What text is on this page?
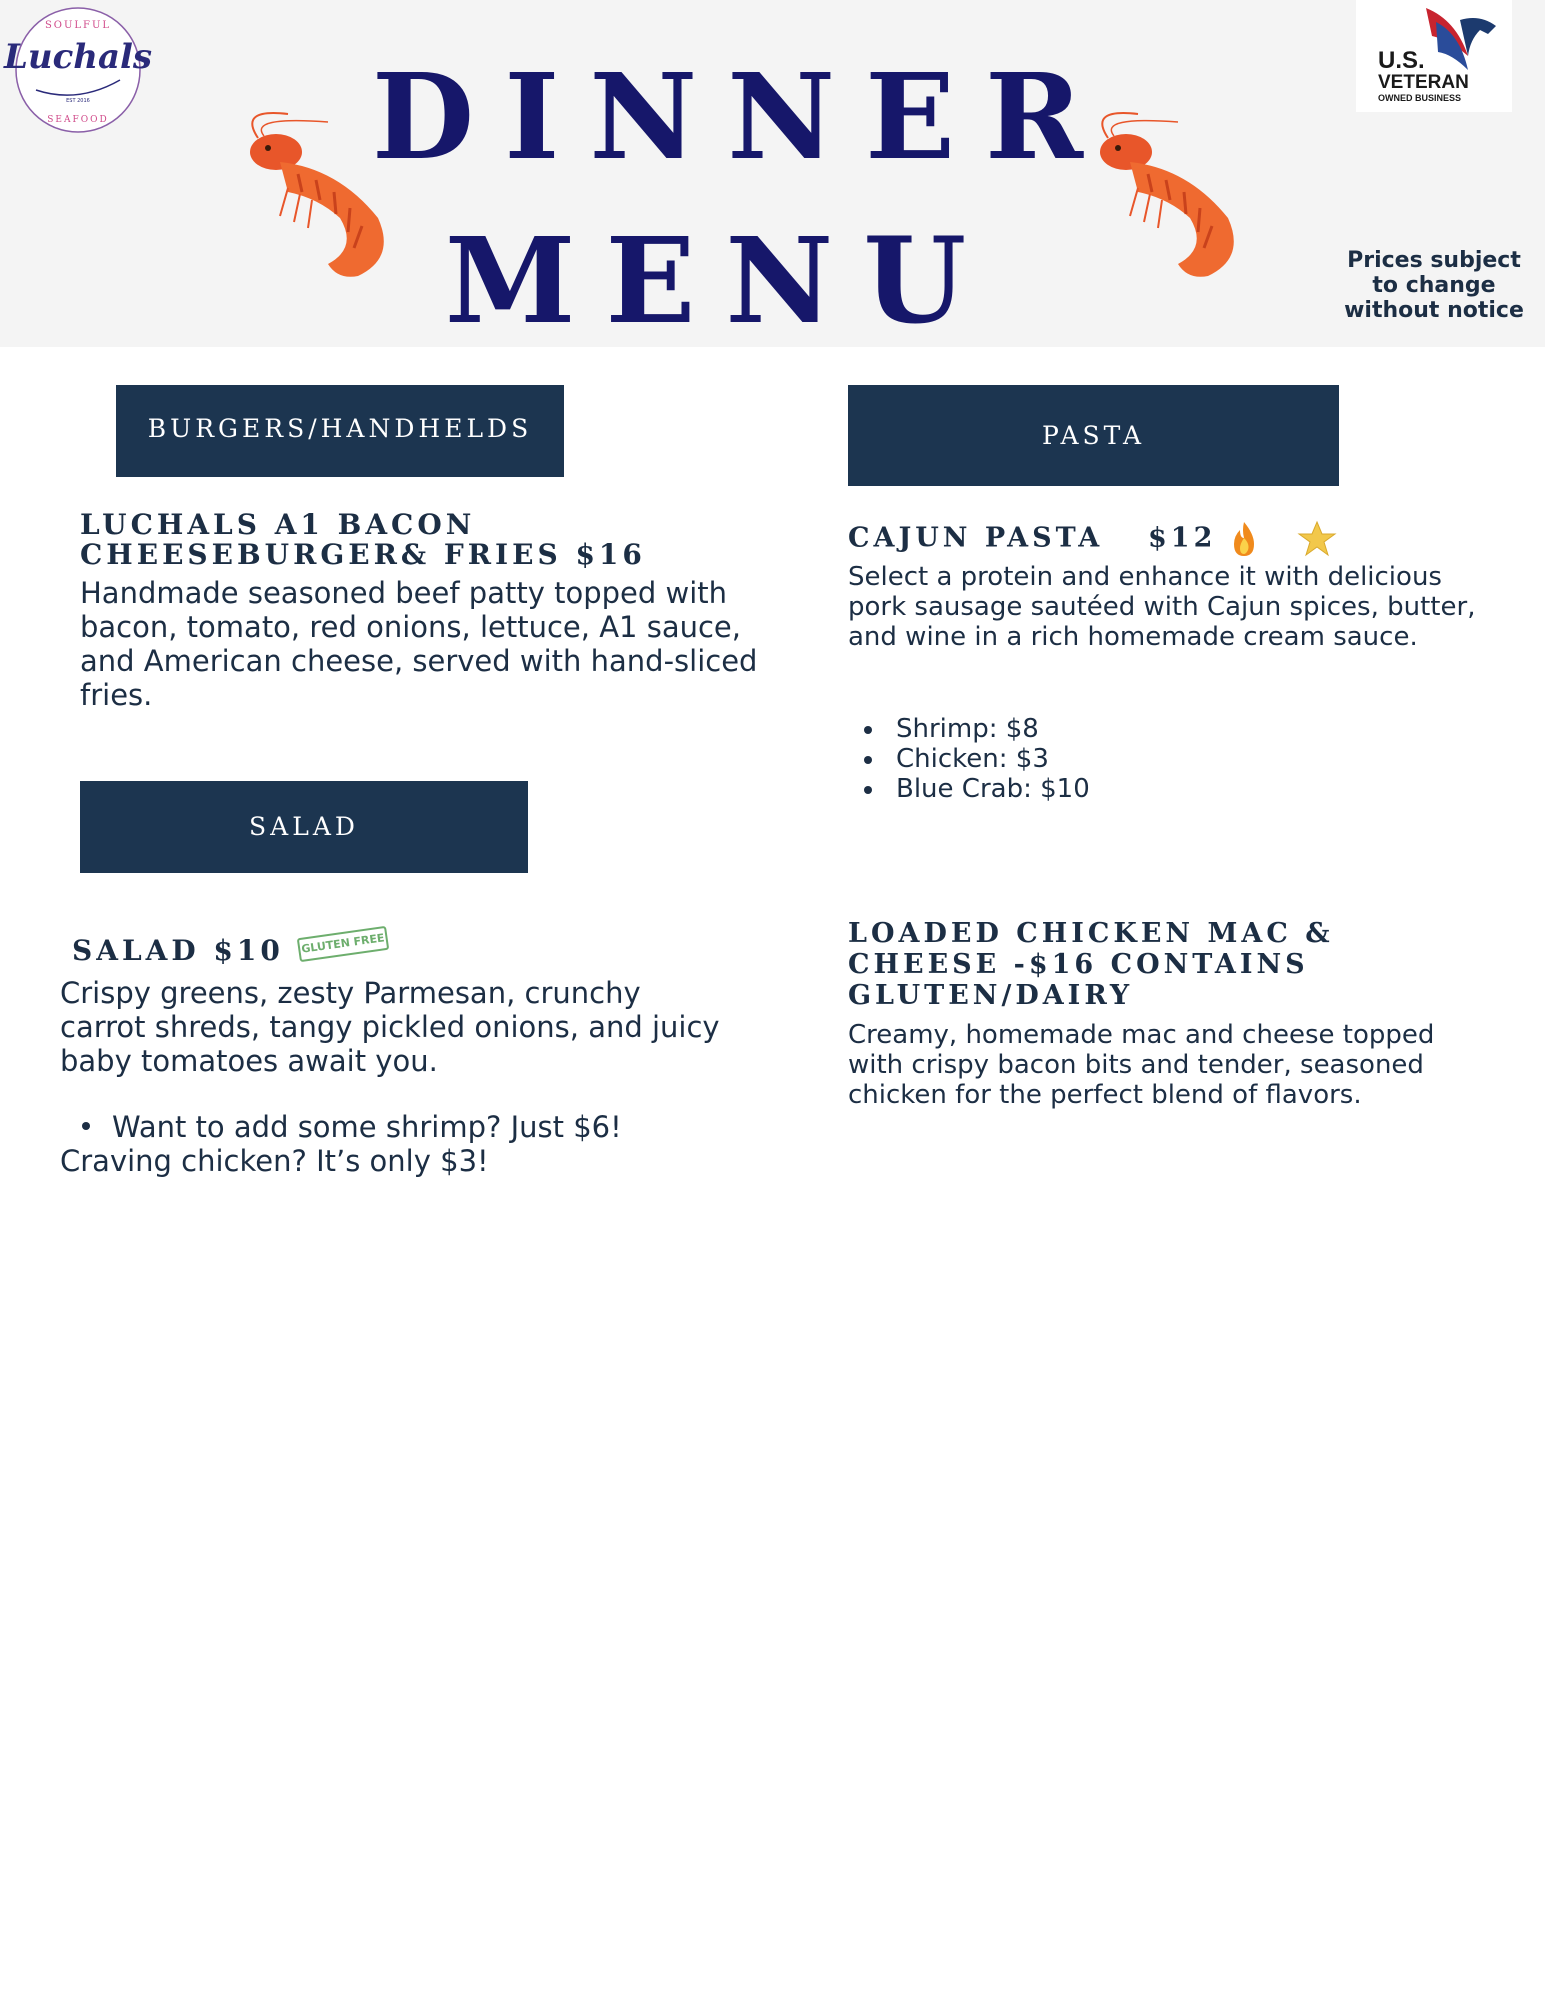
SOULFUL
Luchals
EST 2016
SEAFOOD
U.S.
VETERAN
OWNED BUSINESS
DINNER
MENU	Prices subject to change without notice
BURGERS/HANDHELDS
LUCHALS A1 BACON CHEESEBURGER& FRIES $16
Handmade seasoned beef patty topped with bacon, tomato, red onions, lettuce, A1 sauce, and American cheese, served with hand-sliced fries.
PASTA
CAJUN PASTA $12
Select a protein and enhance it with delicious pork sausage sautéed with Cajun spices, butter, and wine in a rich homemade cream sauce.
Shrimp: $8
Chicken: $3
Blue Crab: $10
LOADED CHICKEN MAC & CHEESE -$16 CONTAINS GLUTEN/DAIRY
Creamy, homemade mac and cheese topped with crispy bacon bits and tender, seasoned chicken for the perfect blend of flavors.
SALAD
SALAD $10	GLUTEN FREE
Crispy greens, zesty Parmesan, crunchy carrot shreds, tangy pickled onions, and juicy baby tomatoes await you.
Want to add some shrimp? Just $6! Craving chicken? It’s only $3!
